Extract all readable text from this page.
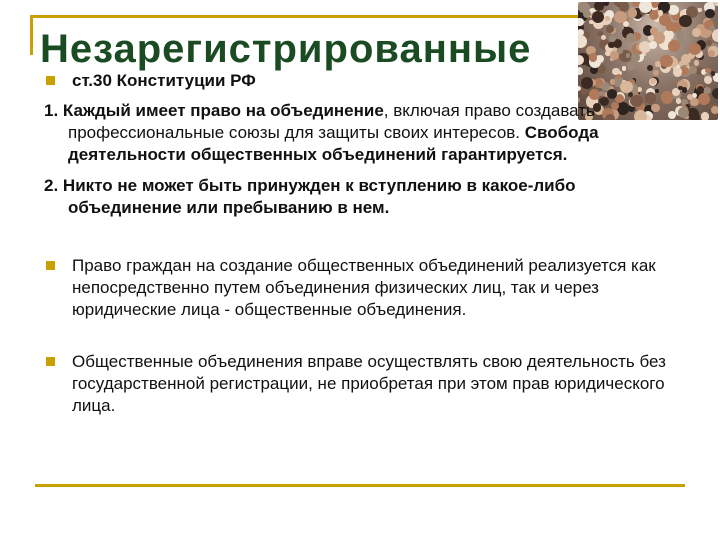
Незарегистрированные
ст.30 Конституции РФ
1. Каждый имеет право на объединение, включая право создавать профессиональные союзы для защиты своих интересов. Свобода деятельности общественных объединений гарантируется.
2. Никто не может быть принужден к вступлению в какое-либо объединение или пребыванию в нем.
Право граждан на создание общественных объединений реализуется как непосредственно путем объединения физических лиц, так и через юридические лица - общественные объединения.
Общественные объединения вправе осуществлять свою деятельность без государственной регистрации, не приобретая при этом прав юридического лица.
